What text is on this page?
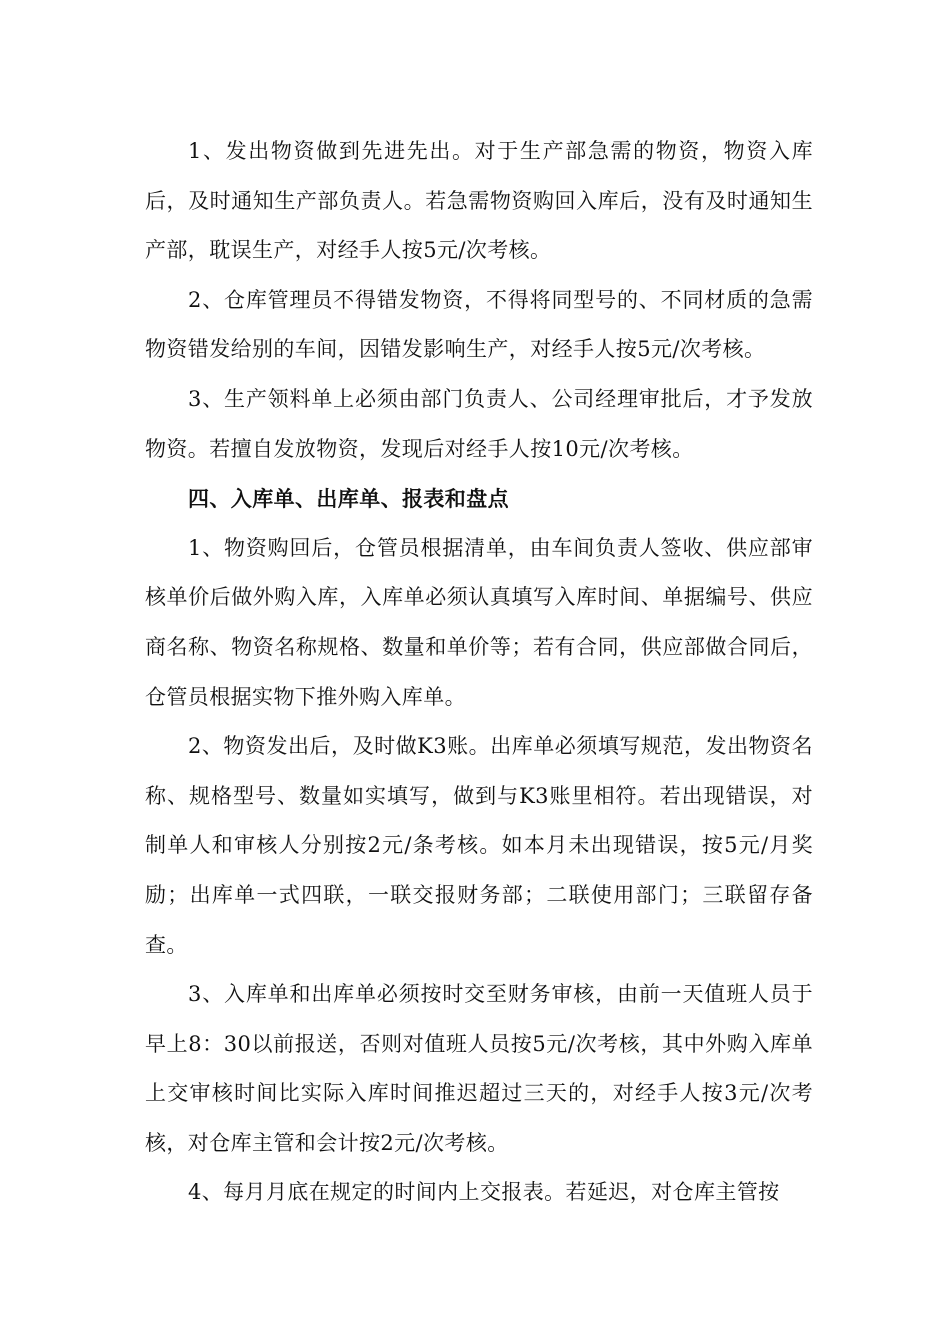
1、发出物资做到先进先出。对于生产部急需的物资，物资入库后，及时通知生产部负责人。若急需物资购回入库后，没有及时通知生产部，耽误生产，对经手人按5元/次考核。

2、仓库管理员不得错发物资，不得将同型号的、不同材质的急需物资错发给别的车间，因错发影响生产，对经手人按5元/次考核。

3、生产领料单上必须由部门负责人、公司经理审批后，才予发放物资。若擅自发放物资，发现后对经手人按10元/次考核。

四、入库单、出库单、报表和盘点

1、物资购回后，仓管员根据清单，由车间负责人签收、供应部审核单价后做外购入库，入库单必须认真填写入库时间、单据编号、供应商名称、物资名称规格、数量和单价等；若有合同，供应部做合同后，仓管员根据实物下推外购入库单。

2、物资发出后，及时做K3账。出库单必须填写规范，发出物资名称、规格型号、数量如实填写，做到与K3账里相符。若出现错误，对制单人和审核人分别按2元/条考核。如本月未出现错误，按5元/月奖励；出库单一式四联，一联交报财务部；二联使用部门；三联留存备查。

3、入库单和出库单必须按时交至财务审核，由前一天值班人员于早上8：30以前报送，否则对值班人员按5元/次考核，其中外购入库单上交审核时间比实际入库时间推迟超过三天的，对经手人按3元/次考核，对仓库主管和会计按2元/次考核。

4、每月月底在规定的时间内上交报表。若延迟，对仓库主管按
